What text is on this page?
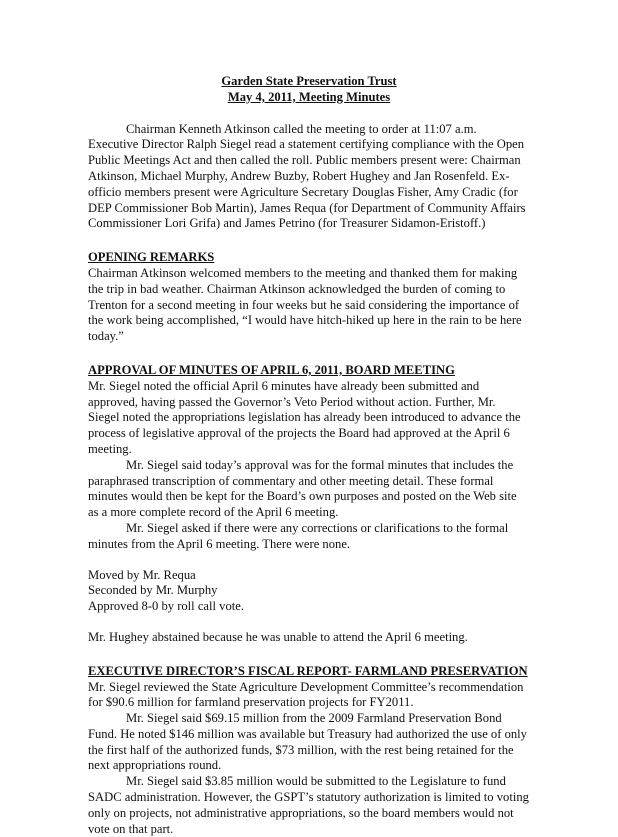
Garden State Preservation Trust

May 4, 2011, Meeting Minutes

Chairman Kenneth Atkinson called the meeting to order at 11:07 a.m. Executive Director Ralph Siegel read a statement certifying compliance with the Open Public Meetings Act and then called the roll. Public members present were: Chairman Atkinson, Michael Murphy, Andrew Buzby, Robert Hughey and Jan Rosenfeld. Ex-officio members present were Agriculture Secretary Douglas Fisher, Amy Cradic (for DEP Commissioner Bob Martin), James Requa (for Department of Community Affairs Commissioner Lori Grifa) and James Petrino (for Treasurer Sidamon-Eristoff.)

OPENING REMARKS

Chairman Atkinson welcomed members to the meeting and thanked them for making the trip in bad weather. Chairman Atkinson acknowledged the burden of coming to Trenton for a second meeting in four weeks but he said considering the importance of the work being accomplished, “I would have hitch-hiked up here in the rain to be here today.”

APPROVAL OF MINUTES OF APRIL 6, 2011, BOARD MEETING

Mr. Siegel noted the official April 6 minutes have already been submitted and approved, having passed the Governor’s Veto Period without action. Further, Mr. Siegel noted the appropriations legislation has already been introduced to advance the process of legislative approval of the projects the Board had approved at the April 6 meeting.

Mr. Siegel said today’s approval was for the formal minutes that includes the paraphrased transcription of commentary and other meeting detail. These formal minutes would then be kept for the Board’s own purposes and posted on the Web site as a more complete record of the April 6 meeting.

Mr. Siegel asked if there were any corrections or clarifications to the formal minutes from the April 6 meeting. There were none.

Moved by Mr. Requa

Seconded by Mr. Murphy

Approved 8-0 by roll call vote.

Mr. Hughey abstained because he was unable to attend the April 6 meeting.

EXECUTIVE DIRECTOR’S FISCAL REPORT- FARMLAND PRESERVATION

Mr. Siegel reviewed the State Agriculture Development Committee’s recommendation for $90.6 million for farmland preservation projects for FY2011.

Mr. Siegel said $69.15 million from the 2009 Farmland Preservation Bond Fund. He noted $146 million was available but Treasury had authorized the use of only the first half of the authorized funds, $73 million, with the rest being retained for the next appropriations round.

Mr. Siegel said $3.85 million would be submitted to the Legislature to fund SADC administration. However, the GSPT’s statutory authorization is limited to voting only on projects, not administrative appropriations, so the board members would not vote on that part.
